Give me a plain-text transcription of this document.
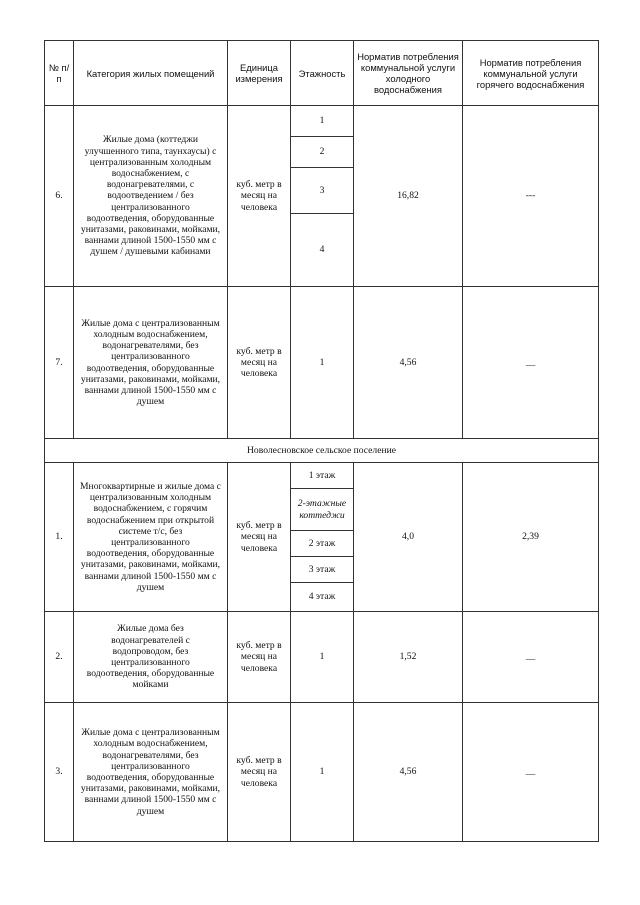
№ п/п	Категория жилых помещений	Единица измерения	Этажность	Норматив потребления коммунальной услуги холодного водоснабжения	Норматив потребления коммунальной услуги горячего водоснабжения
6.	Жилые дома (коттеджи улучшенного типа, таунхаусы) с централизованным холодным водоснабжением, с водонагревателями, с водоотведением / без централизованного водоотведения, оборудованные унитазами, раковинами, мойками, ваннами длиной 1500-1550 мм с душем / душевыми кабинами	куб. метр в месяц на человека	1	16,82	---
			2		
			3		
			4		
7.	Жилые дома с централизованным холодным водоснабжением, водонагревателями, без централизованного водоотведения, оборудованные унитазами, раковинами, мойками, ваннами длиной 1500-1550 мм с душем	куб. метр в месяц на человека	1	4,56	__
Новолесновское сельское поселение					
1.	Многоквартирные и жилые дома с централизованным холодным водоснабжением, с горячим водоснабжением при открытой системе т/с, без централизованного водоотведения, оборудованные унитазами, раковинами, мойками, ваннами длиной 1500-1550 мм с душем	куб. метр в месяц на человека	1 этаж	4,0	2,39
			2-этажные коттеджи		
			2 этаж		
			3 этаж		
			4 этаж		
2.	Жилые дома без водонагревателей с водопроводом, без централизованного водоотведения, оборудованные мойками	куб. метр в месяц на человека	1	1,52	__
3.	Жилые дома с централизованным холодным водоснабжением, водонагревателями, без централизованного водоотведения, оборудованные унитазами, раковинами, мойками, ваннами длиной 1500-1550 мм с душем	куб. метр в месяц на человека	1	4,56	__
